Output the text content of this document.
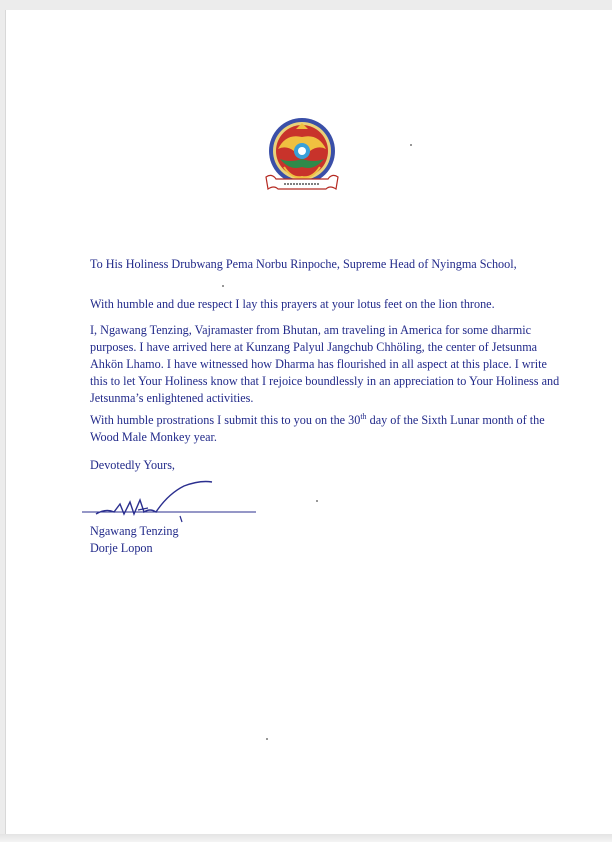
To His Holiness Drubwang Pema Norbu Rinpoche, Supreme Head of Nyingma School,
With humble and due respect I lay this prayers at your lotus feet on the lion throne.
I, Ngawang Tenzing, Vajramaster from Bhutan, am traveling in America for some dharmic purposes. I have arrived here at Kunzang Palyul Jangchub Chhöling, the center of Jetsunma Ahkön Lhamo. I have witnessed how Dharma has flourished in all aspect at this place. I write this to let Your Holiness know that I rejoice boundlessly in an appreciation to Your Holiness and Jetsunma’s enlightened activities.
With humble prostrations I submit this to you on the 30th day of the Sixth Lunar month of the Wood Male Monkey year.
Devotedly Yours,
Ngawang Tenzing
Dorje Lopon
